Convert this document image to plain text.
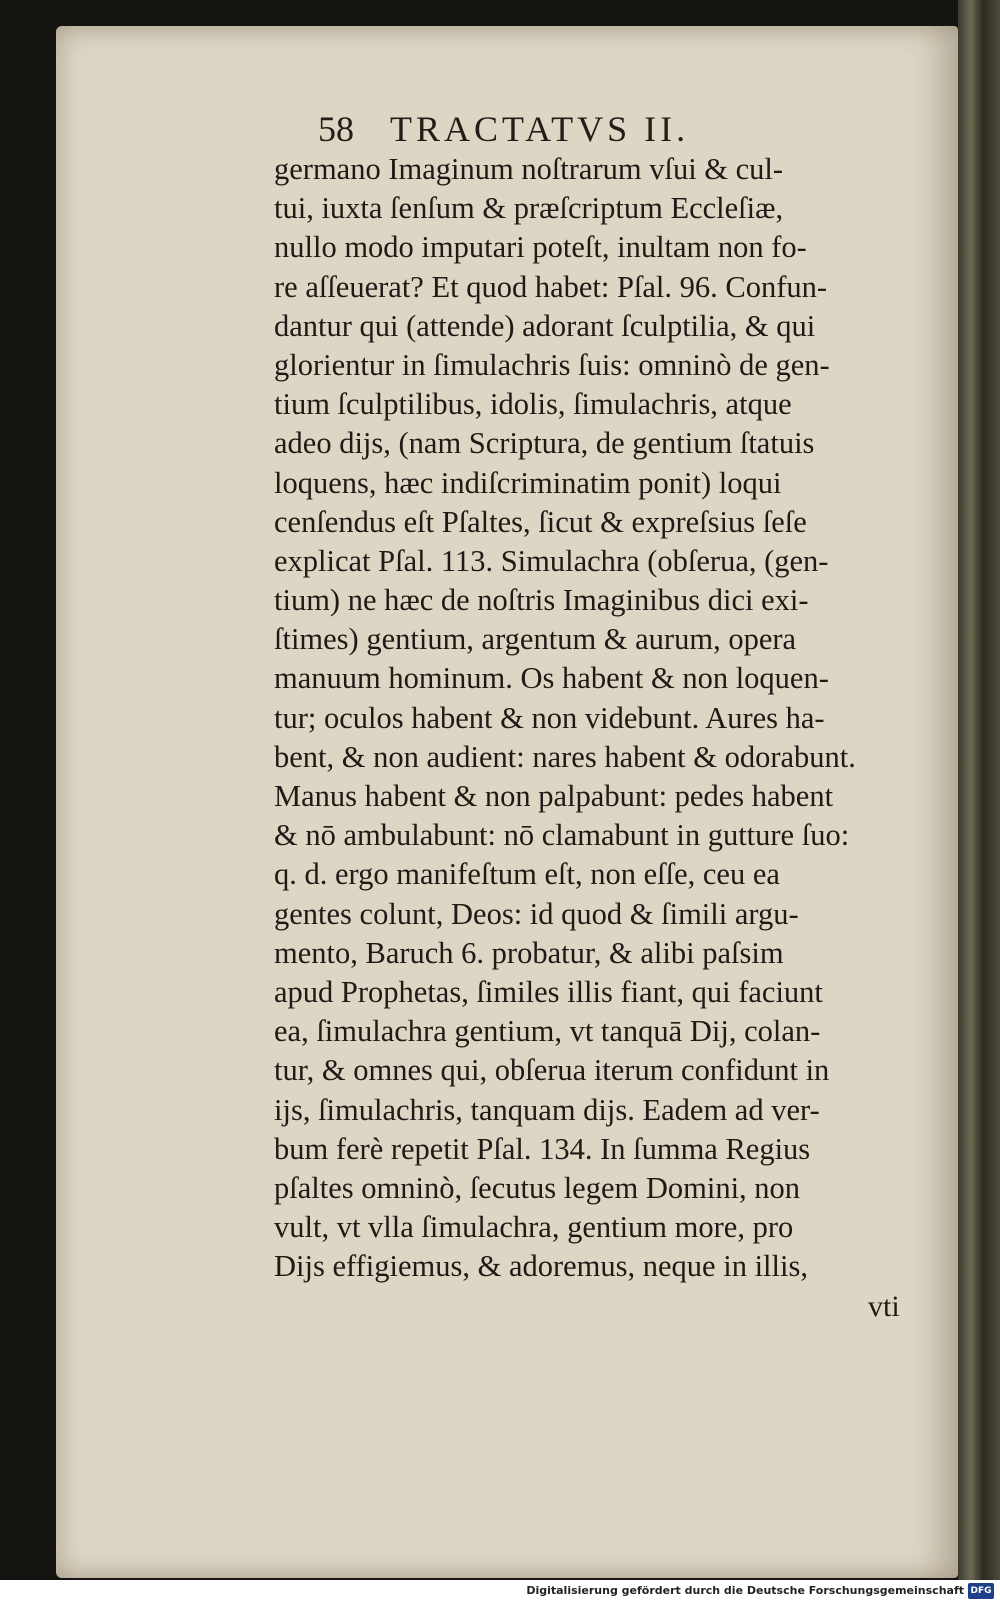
58 TRACTATVS II.
germano Imaginum noſtrarum vſui & cul-
tui, iuxta ſenſum & præſcriptum Eccleſiæ,
nullo modo imputari poteſt, inultam non fo-
re aſſeuerat? Et quod habet: Pſal. 96. Confun-
dantur qui (attende) adorant ſculptilia, & qui
glorientur in ſimulachris ſuis: omninò de gen-
tium ſculptilibus, idolis, ſimulachris, atque
adeo dijs, (nam Scriptura, de gentium ſtatuis
loquens, hæc indiſcriminatim ponit) loqui
cenſendus eſt Pſaltes, ſicut & expreſsius ſeſe
explicat Pſal. 113. Simulachra (obſerua, (gen-
tium) ne hæc de noſtris Imaginibus dici exi-
ſtimes) gentium, argentum & aurum, opera
manuum hominum. Os habent & non loquen-
tur; oculos habent & non videbunt. Aures ha-
bent, & non audient: nares habent & odorabunt.
Manus habent & non palpabunt: pedes habent
& nō ambulabunt: nō clamabunt in gutture ſuo:
q. d. ergo manifeſtum eſt, non eſſe, ceu ea
gentes colunt, Deos: id quod & ſimili argu-
mento, Baruch 6. probatur, & alibi paſsim
apud Prophetas, ſimiles illis fiant, qui faciunt
ea, ſimulachra gentium, vt tanquā Dij, colan-
tur, & omnes qui, obſerua iterum confidunt in
ijs, ſimulachris, tanquam dijs. Eadem ad ver-
bum ferè repetit Pſal. 134. In ſumma Regius
pſaltes omninò, ſecutus legem Domini, non
vult, vt vlla ſimulachra, gentium more, pro
Dijs effigiemus, & adoremus, neque in illis,
vti
Digitalisierung gefördert durch die Deutsche Forschungsgemeinschaft DFG
